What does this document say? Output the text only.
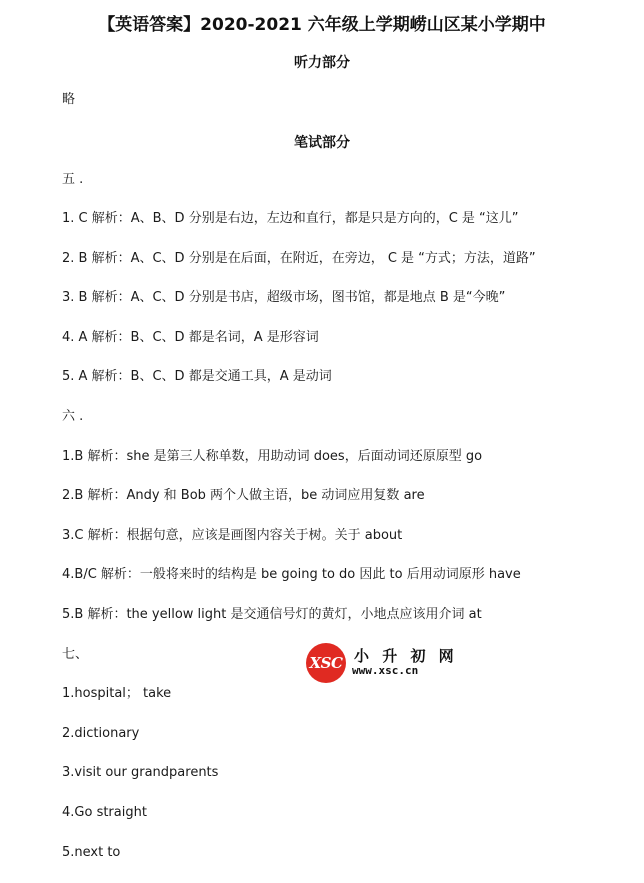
【英语答案】2020-2021 六年级上学期崂山区某小学期中
听力部分
略
笔试部分
五 .
1. C 解析：A、B、D 分别是右边，左边和直行，都是只是方向的，C 是 “这儿”
2. B 解析：A、C、D 分别是在后面，在附近，在旁边， C 是 “方式；方法，道路”
3. B 解析：A、C、D 分别是书店，超级市场，图书馆，都是地点 B 是“今晚”
4. A 解析：B、C、D 都是名词，A 是形容词
5. A 解析：B、C、D 都是交通工具，A 是动词
六 .
1.B 解析：she 是第三人称单数，用助动词 does，后面动词还原原型 go
2.B 解析：Andy 和 Bob 两个人做主语，be 动词应用复数 are
3.C 解析：根据句意，应该是画图内容关于树。关于 about
4.B/C 解析：一般将来时的结构是 be going to do 因此 to 后用动词原形 have
5.B 解析：the yellow light 是交通信号灯的黄灯，小地点应该用介词 at
七、
1.hospital； take
2.dictionary
3.visit our grandparents
4.Go straight
5.next to
XSC 小 升 初 网
www.xsc.cn
